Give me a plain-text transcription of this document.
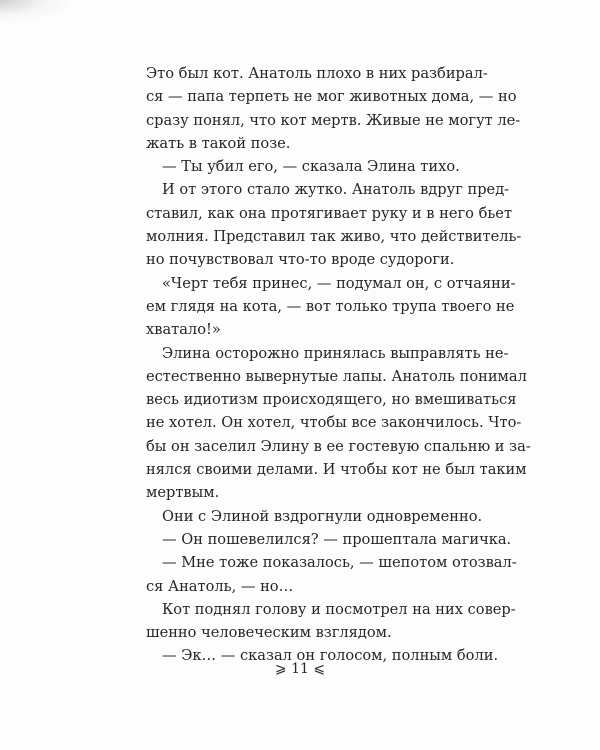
Это был кот. Анатоль плохо в них разбирал-
ся — папа терпеть не мог животных дома, — но
сразу понял, что кот мертв. Живые не могут ле-
жать в такой позе.
— Ты убил его, — сказала Элина тихо.
И от этого стало жутко. Анатоль вдруг пред-
ставил, как она протягивает руку и в него бьет
молния. Представил так живо, что действитель-
но почувствовал что-то вроде судороги.
«Черт тебя принес, — подумал он, с отчаяни-
ем глядя на кота, — вот только трупа твоего не
хватало!»
Элина осторожно принялась выправлять не-
естественно вывернутые лапы. Анатоль понимал
весь идиотизм происходящего, но вмешиваться
не хотел. Он хотел, чтобы все закончилось. Что-
бы он заселил Элину в ее гостевую спальню и за-
нялся своими делами. И чтобы кот не был таким
мертвым.
Они с Элиной вздрогнули одновременно.
— Он пошевелился? — прошептала магичка.
— Мне тоже показалось, — шепотом отозвал-
ся Анатоль, — но…
Кот поднял голову и посмотрел на них совер-
шенно человеческим взглядом.
— Эк… — сказал он голосом, полным боли.
⩾ 11 ⩽
